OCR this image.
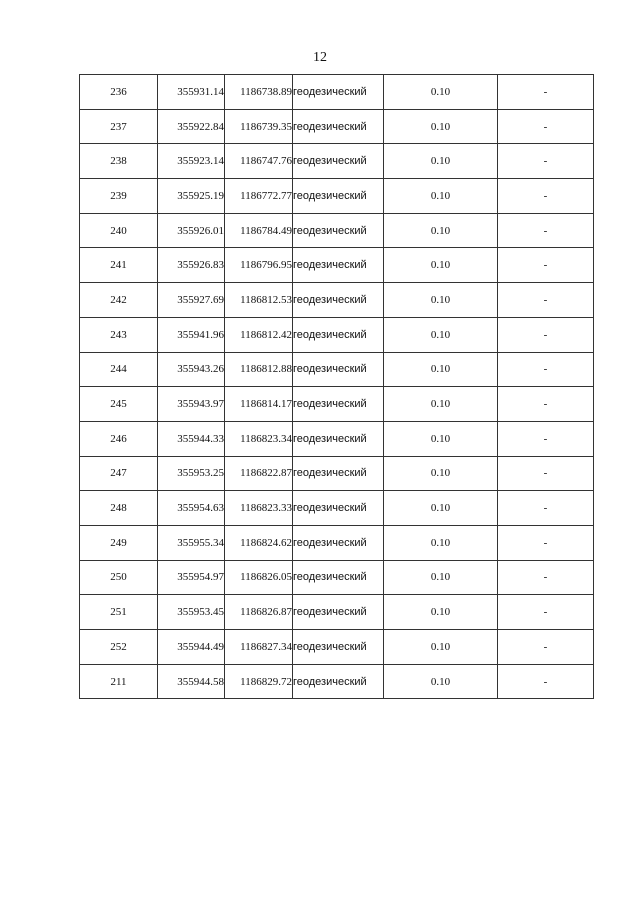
12
236	355931.14	1186738.89	геодезический	0.10	-
237	355922.84	1186739.35	геодезический	0.10	-
238	355923.14	1186747.76	геодезический	0.10	-
239	355925.19	1186772.77	геодезический	0.10	-
240	355926.01	1186784.49	геодезический	0.10	-
241	355926.83	1186796.95	геодезический	0.10	-
242	355927.69	1186812.53	геодезический	0.10	-
243	355941.96	1186812.42	геодезический	0.10	-
244	355943.26	1186812.88	геодезический	0.10	-
245	355943.97	1186814.17	геодезический	0.10	-
246	355944.33	1186823.34	геодезический	0.10	-
247	355953.25	1186822.87	геодезический	0.10	-
248	355954.63	1186823.33	геодезический	0.10	-
249	355955.34	1186824.62	геодезический	0.10	-
250	355954.97	1186826.05	геодезический	0.10	-
251	355953.45	1186826.87	геодезический	0.10	-
252	355944.49	1186827.34	геодезический	0.10	-
211	355944.58	1186829.72	геодезический	0.10	-
